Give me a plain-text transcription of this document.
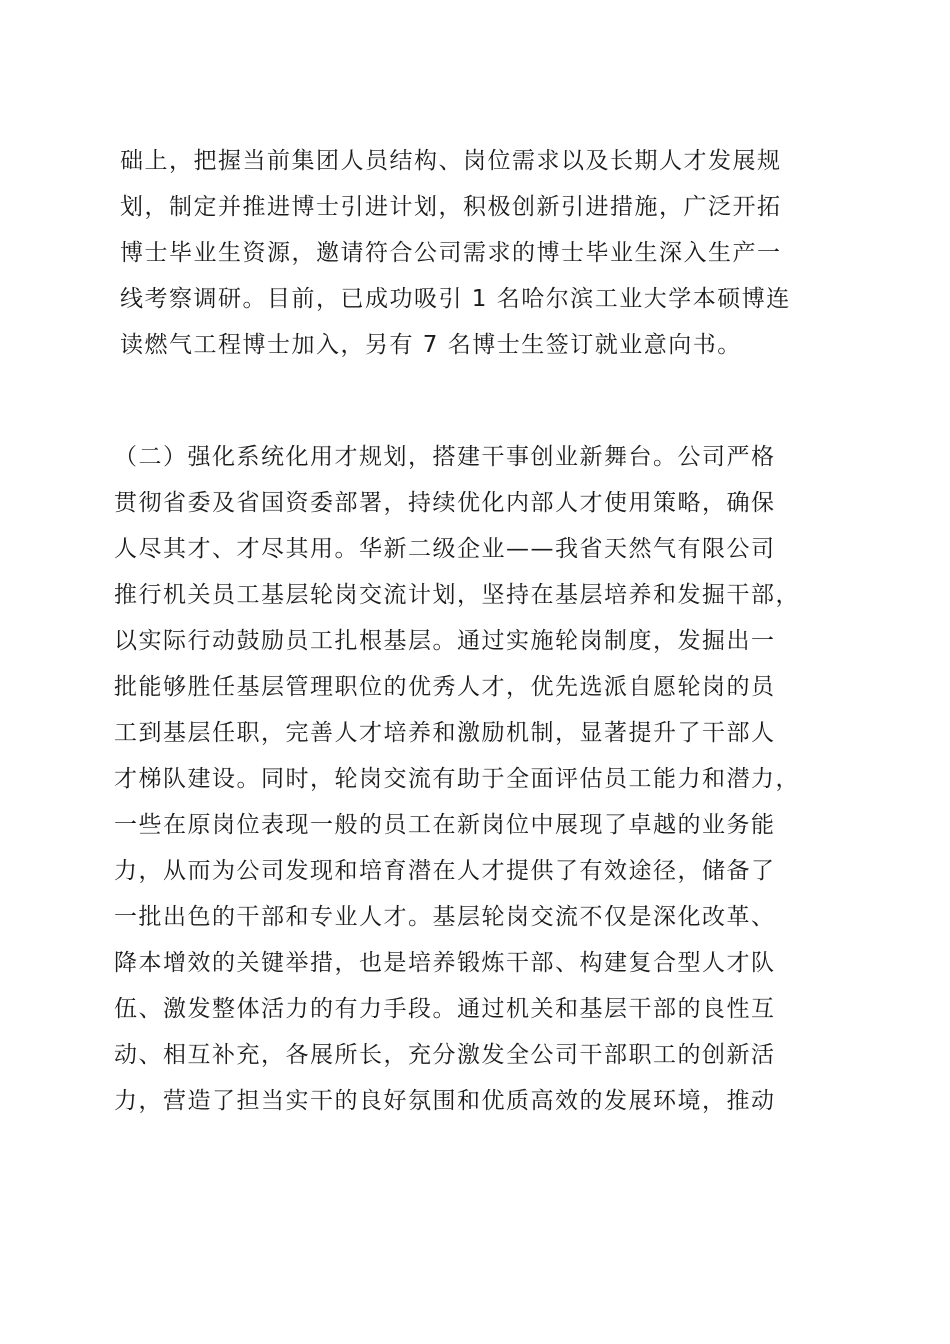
础上，把握当前集团人员结构、岗位需求以及长期人才发展规
划，制定并推进博士引进计划，积极创新引进措施，广泛开拓
博士毕业生资源，邀请符合公司需求的博士毕业生深入生产一
线考察调研。目前，已成功吸引 1 名哈尔滨工业大学本硕博连
读燃气工程博士加入，另有 7 名博士生签订就业意向书。
（二）强化系统化用才规划，搭建干事创业新舞台。公司严格
贯彻省委及省国资委部署，持续优化内部人才使用策略，确保
人尽其才、才尽其用。华新二级企业——我省天然气有限公司
推行机关员工基层轮岗交流计划，坚持在基层培养和发掘干部，
以实际行动鼓励员工扎根基层。通过实施轮岗制度，发掘出一
批能够胜任基层管理职位的优秀人才，优先选派自愿轮岗的员
工到基层任职，完善人才培养和激励机制，显著提升了干部人
才梯队建设。同时，轮岗交流有助于全面评估员工能力和潜力，
一些在原岗位表现一般的员工在新岗位中展现了卓越的业务能
力，从而为公司发现和培育潜在人才提供了有效途径，储备了
一批出色的干部和专业人才。基层轮岗交流不仅是深化改革、
降本增效的关键举措，也是培养锻炼干部、构建复合型人才队
伍、激发整体活力的有力手段。通过机关和基层干部的良性互
动、相互补充，各展所长，充分激发全公司干部职工的创新活
力，营造了担当实干的良好氛围和优质高效的发展环境，推动
